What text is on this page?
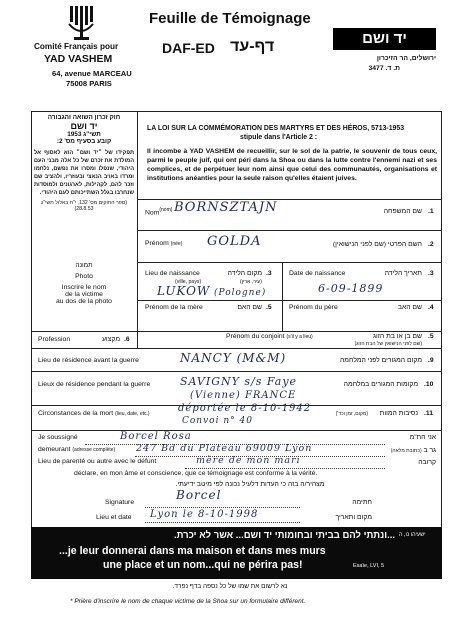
Comité Français pour
YAD VASHEM
64, avenue MARCEAU
75008 PARIS
Feuille de Témoignage
DAF-ED דף-עד	יד ושם
ירושלים, הר הזיכרון
ת. ד. 3477
חוק זכרון השואה והגבורה
יד ושם
תשי"ג 1953
קובע בסעיף מס' 2:
תפקידו של ״יד ושם״ הוא לאסוף אל המולדת את זכרם של כל אלה מבני העם היהודי, שנפלו ומסרו את נפשם, נלחמו ומרדו באויב הנאצי ובעוזריו, ולהציב שם וזכר להם, לקהילות, לארגונים ולמוסדות שנחרבו בגלל השתייכותם לעם היהודי.
(ספר החוקים מס' 132, י"ח באלול תשי"ג 28.8.53)
LA LOI SUR LA COMMÉMORATION DES MARTYRS ET DES HÉROS, 5713-1953
stipule dans l'Article 2 :
Il incombe à YAD VASHEM de recueillir, sur le sol de la patrie, le souvenir de tous ceux, parmi le peuple juif, qui ont péri dans la Shoa ou dans la lutte contre l'ennemi nazi et ses complices, et de perpétuer leur nom ainsi que celui des communautés, organisations et institutions anéanties pour la seule raison qu'elles étaient juives.
תמונה
Photo
Inscrire le nom
de la victime
au dos de la photo
Nom$^{(nom)}$ BORNSZTAJN	שם המשפחה .1
Prénom (née) GOLDA	השם הפרטי (שם לפני הנישואין) .2
Lieu de naissance
(ville, pays)
מקום הלידה
(עיר, ארץ)
LUKOW (Pologne)
.3	Date de naissance	תאריך הלידה .3
6-09-1899
Prénom de la mère	שם האם .5	Prénom du père	שם האב .4
Profession	מקצוע .6	Prénom du conjoint (s'il y a lieu)	שם בן או בת הזוג
(שם לפני הנישואין של הבת הזוג)
.5
Lieu de résidence avant la guerre	NANCY (M&M)	מקום המגורים לפני המלחמה .9
Lieux de résidence pendant la guerre	SAVIGNY s/s Faye
(Vienne) FRANCE
מקומות המגורים במלחמה .10
Circonstances de la mort (lieu, date, etc.)	déportée le 8-10-1942
Convoi n° 40
נסיבות המוות
(מקום, זמן וכד')	.11
Je soussigné	Borcel Rosa	אני הח"מ
demeurant (adresse complète) 247 Bd du Plateau 69009 Lyon	גר ב (כתובת מלאה)
Lieu de parenté ou autre avec le défunt	mère de mon mari	קרובה
déclare, en mon âme et conscience, que ce témoignage est conforme à la vérité.
מצהיר/ה בזה כי העדות דלעיל נכונה לפי מיטב ידיעתי.
Signature
Borcel
חתימה
Lieu et date Lyon le 8-10-1998	מקום ותאריך
...ונתתי להם בביתי ובחומותי יד ושם... אשר לא יכרת. ישעיהו נו, ה
...je leur donnerai dans ma maison et dans mes murs
une place et un nom...qui ne périra pas!	Esaïe, LVI, 5
נא לרשום את שמו של כל נספה בדף נפרד.
* Prière d'inscrire le nom de chaque victime de la Shoa sur un formulaire différent.
